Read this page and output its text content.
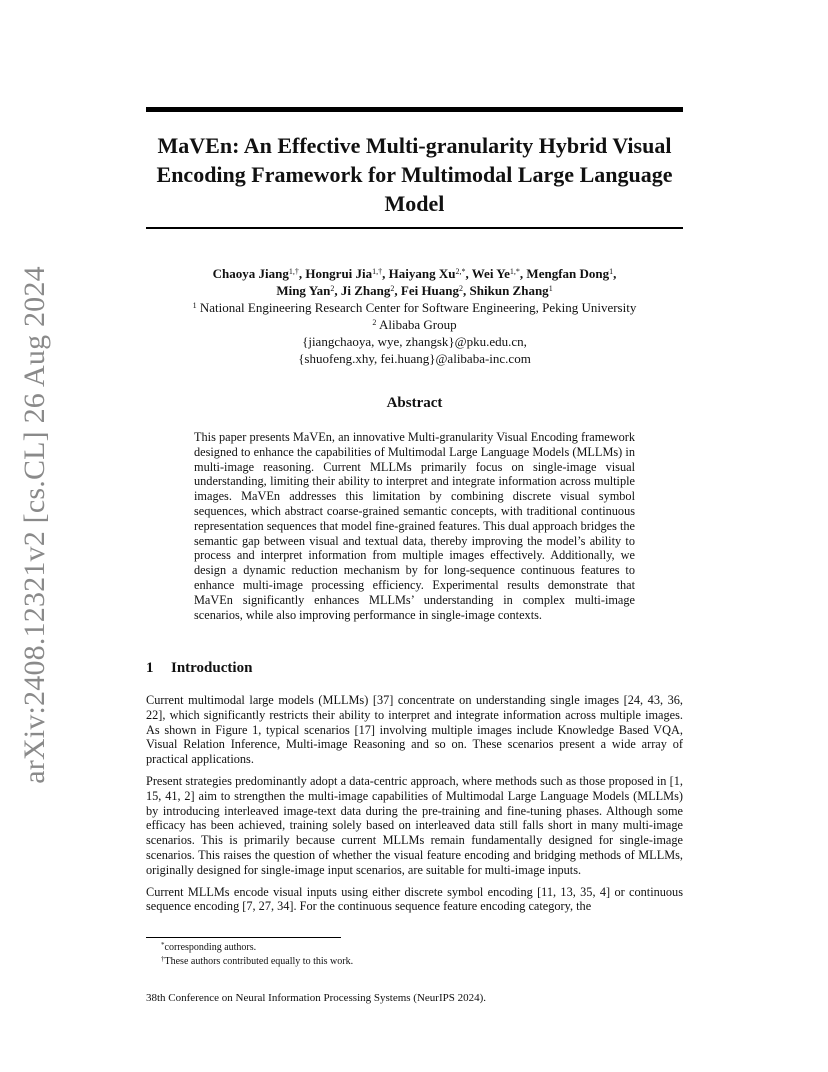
arXiv:2408.12321v2 [cs.CL] 26 Aug 2024
MaVEn: An Effective Multi-granularity Hybrid Visual Encoding Framework for Multimodal Large Language Model
Chaoya Jiang$^{1,\dagger}$, Hongrui Jia$^{1,\dagger}$, Haiyang $Xu^{2,*}$, Wei $Ye^{1,*}$, Mengfan Dong$^1$,
Ming Yan$^2$, Ji Zhang$^2$, Fei Huang$^2$, Shikun Zhang$^1$
$^1$ National Engineering Research Center for Software Engineering, Peking University
$^2$ Alibaba Group
{jiangchaoya, wye, zhangsk}@pku.edu.cn,
{shuofeng.xhy, fei.huang}@alibaba-inc.com
Abstract
This paper presents MaVEn, an innovative Multi-granularity Visual Encoding framework designed to enhance the capabilities of Multimodal Large Language Models (MLLMs) in multi-image reasoning. Current MLLMs primarily focus on single-image visual understanding, limiting their ability to interpret and integrate information across multiple images. MaVEn addresses this limitation by combining discrete visual symbol sequences, which abstract coarse-grained semantic concepts, with traditional continuous representation sequences that model fine-grained features. This dual approach bridges the semantic gap between visual and textual data, thereby improving the model’s ability to process and interpret information from multiple images effectively. Additionally, we design a dynamic reduction mechanism by for long-sequence continuous features to enhance multi-image processing efficiency. Experimental results demonstrate that MaVEn significantly enhances MLLMs’ understanding in complex multi-image scenarios, while also improving performance in single-image contexts.
1 Introduction

Current multimodal large models (MLLMs) [37] concentrate on understanding single images [24, 43, 36, 22], which significantly restricts their ability to interpret and integrate information across multiple images. As shown in Figure 1, typical scenarios [17] involving multiple images include Knowledge Based VQA, Visual Relation Inference, Multi-image Reasoning and so on. These scenarios present a wide array of practical applications.

Present strategies predominantly adopt a data-centric approach, where methods such as those proposed in [1, 15, 41, 2] aim to strengthen the multi-image capabilities of Multimodal Large Language Models (MLLMs) by introducing interleaved image-text data during the pre-training and fine-tuning phases. Although some efficacy has been achieved, training solely based on interleaved data still falls short in many multi-image scenarios. This is primarily because current MLLMs remain fundamentally designed for single-image scenarios. This raises the question of whether the visual feature encoding and bridging methods of MLLMs, originally designed for single-image input scenarios, are suitable for multi-image inputs.

Current MLLMs encode visual inputs using either discrete symbol encoding [11, 13, 35, 4] or continuous sequence encoding [7, 27, 34]. For the continuous sequence feature encoding category, the

*corresponding authors.
†These authors contributed equally to this work.
38th Conference on Neural Information Processing Systems (NeurIPS 2024).
